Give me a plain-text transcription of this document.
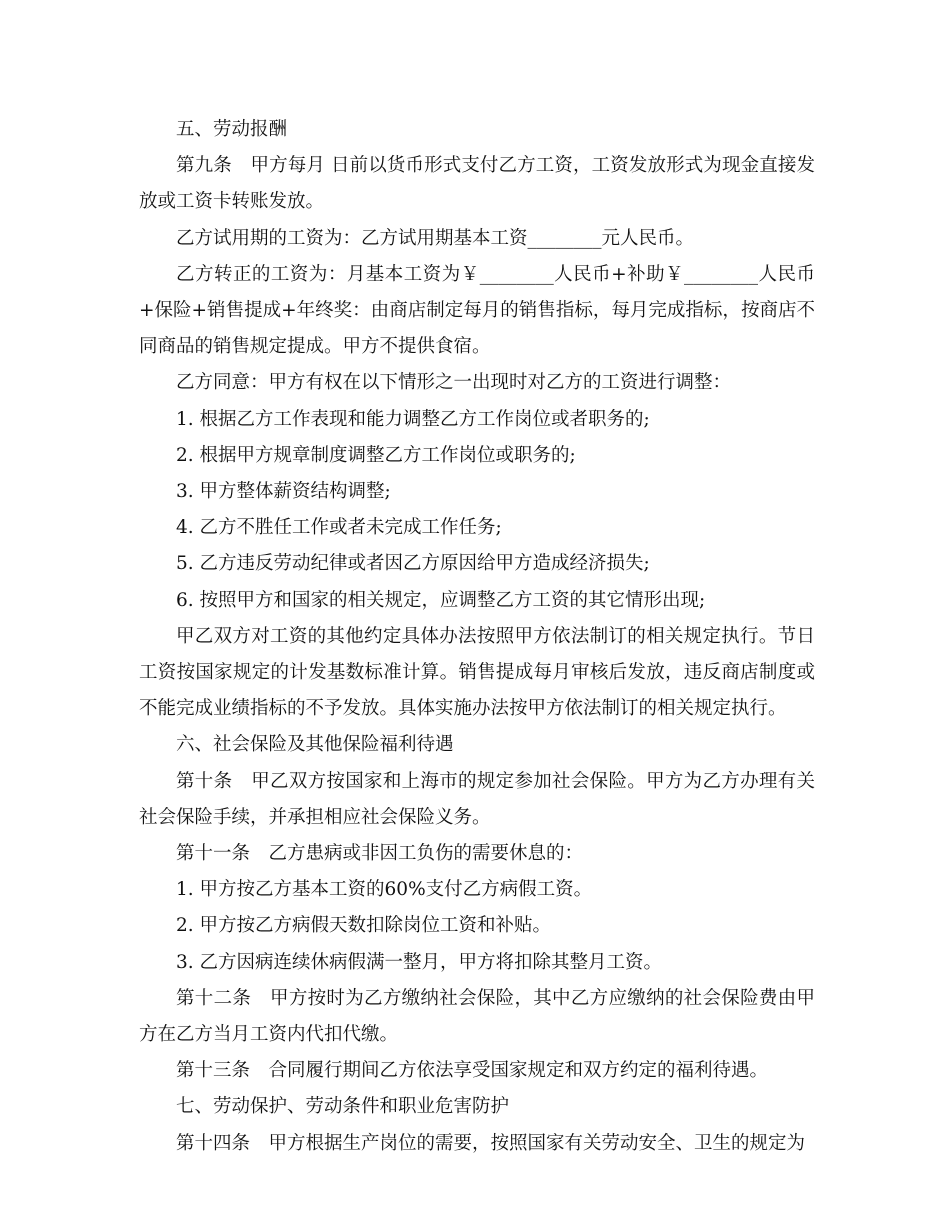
五、劳动报酬

第九条　甲方每月 日前以货币形式支付乙方工资，工资发放形式为现金直接发放或工资卡转账发放。

乙方试用期的工资为：乙方试用期基本工资________元人民币。

乙方转正的工资为：月基本工资为￥________人民币+补助￥________人民币+保险+销售提成+年终奖：由商店制定每月的销售指标，每月完成指标，按商店不同商品的销售规定提成。甲方不提供食宿。

乙方同意：甲方有权在以下情形之一出现时对乙方的工资进行调整：

1. 根据乙方工作表现和能力调整乙方工作岗位或者职务的;

2. 根据甲方规章制度调整乙方工作岗位或职务的;

3. 甲方整体薪资结构调整;

4. 乙方不胜任工作或者未完成工作任务;

5. 乙方违反劳动纪律或者因乙方原因给甲方造成经济损失;

6. 按照甲方和国家的相关规定，应调整乙方工资的其它情形出现;

甲乙双方对工资的其他约定具体办法按照甲方依法制订的相关规定执行。节日工资按国家规定的计发基数标准计算。销售提成每月审核后发放，违反商店制度或不能完成业绩指标的不予发放。具体实施办法按甲方依法制订的相关规定执行。

六、社会保险及其他保险福利待遇

第十条　甲乙双方按国家和上海市的规定参加社会保险。甲方为乙方办理有关社会保险手续，并承担相应社会保险义务。

第十一条　乙方患病或非因工负伤的需要休息的：

1. 甲方按乙方基本工资的60%支付乙方病假工资。

2. 甲方按乙方病假天数扣除岗位工资和补贴。

3. 乙方因病连续休病假满一整月，甲方将扣除其整月工资。

第十二条　甲方按时为乙方缴纳社会保险，其中乙方应缴纳的社会保险费由甲方在乙方当月工资内代扣代缴。

第十三条　合同履行期间乙方依法享受国家规定和双方约定的福利待遇。

七、劳动保护、劳动条件和职业危害防护

第十四条　甲方根据生产岗位的需要，按照国家有关劳动安全、卫生的规定为
